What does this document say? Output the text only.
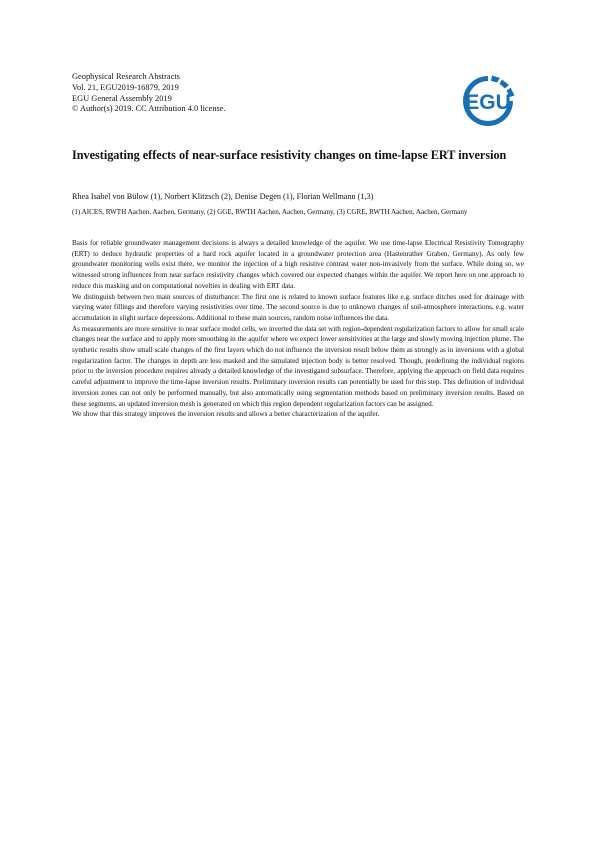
Geophysical Research Abstracts
Vol. 21, EGU2019-16879, 2019
EGU General Assembly 2019
© Author(s) 2019. CC Attribution 4.0 license.	EGU
Investigating effects of near-surface resistivity changes on time-lapse ERT inversion
Rhea Isabel von Bülow (1), Norbert Klitzsch (2), Denise Degen (1), Florian Wellmann (1,3)
(1) AICES, RWTH Aachen, Aachen, Germany, (2) GGE, RWTH Aachen, Aachen, Germany, (3) CGRE, RWTH Aachen, Aachen, Germany

Basis for reliable groundwater management decisions is always a detailed knowledge of the aquifer. We use time-lapse Electrical Resistivity Tomography (ERT) to deduce hydraulic properties of a hard rock aquifer located in a groundwater protection area (Hastenrather Graben, Germany). As only few groundwater monitoring wells exist there, we monitor the injection of a high resistive contrast water non-invasively from the surface. While doing so, we witnessed strong influences from near surface resistivity changes which covered our expected changes within the aquifer. We report here on one approach to reduce this masking and on computational novelties in dealing with ERT data.

We distinguish between two main sources of disturbance: The first one is related to known surface features like e.g. surface ditches used for drainage with varying water fillings and therefore varying resistivities over time. The second source is due to unknown changes of soil-atmosphere interactions, e.g. water accumulation in slight surface depressions. Additional to these main sources, random noise influences the data.

As measurements are more sensitive to near surface model cells, we inverted the data set with region-dependent regularization factors to allow for small scale changes near the surface and to apply more smoothing in the aquifer where we expect lower sensitivities at the large and slowly moving injection plume. The synthetic results show small scale changes of the first layers which do not influence the inversion result below them as strongly as in inversions with a global regularization factor. The changes in depth are less masked and the simulated injection body is better resolved. Though, predefining the individual regions prior to the inversion procedure requires already a detailed knowledge of the investigated subsurface. Therefore, applying the approach on field data requires careful adjustment to improve the time-lapse inversion results. Preliminary inversion results can potentially be used for this step. This definition of individual inversion zones can not only be performed manually, but also automatically using segmentation methods based on preliminary inversion results. Based on these segments, an updated inversion mesh is generated on which this region dependent regularization factors can be assigned.

We show that this strategy improves the inversion results and allows a better characterization of the aquifer.
